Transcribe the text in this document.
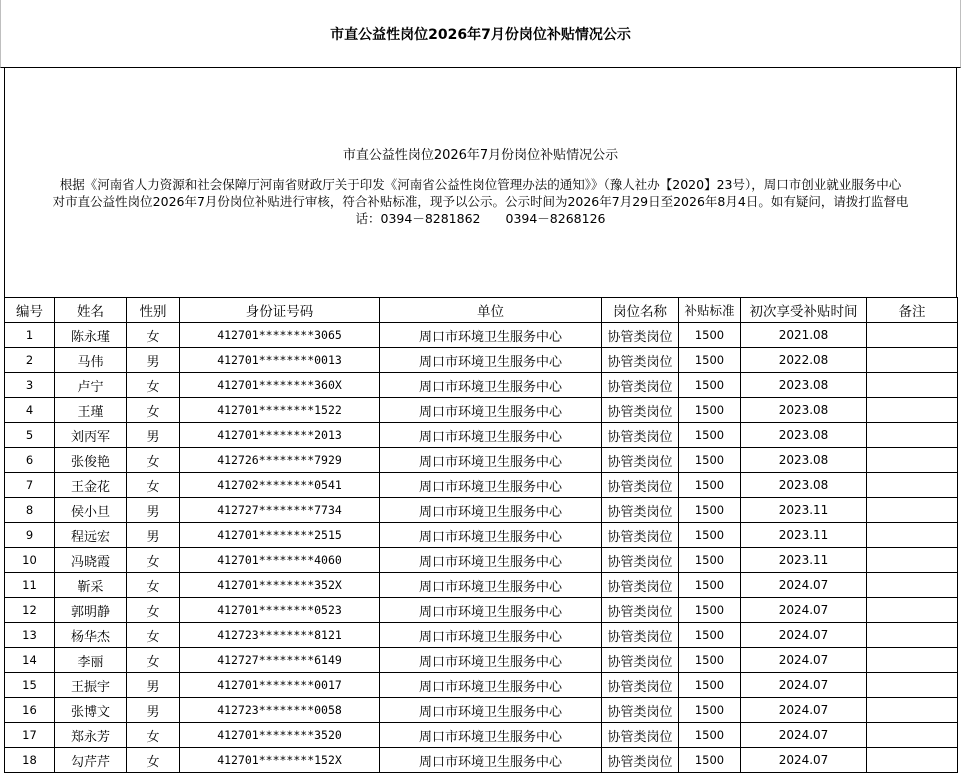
市直公益性岗位2026年7月份岗位补贴情况公示
市直公益性岗位2026年7月份岗位补贴情况公示
根据《河南省人力资源和社会保障厅河南省财政厅关于印发《河南省公益性岗位管理办法的通知》》（豫人社办【2020】23号），周口市创业就业服务中心
对市直公益性岗位2026年7月份岗位补贴进行审核，符合补贴标准，现予以公示。公示时间为2026年7月29日至2026年8月4日。如有疑问，请拨打监督电
话：0394－8281862　　0394－8268126
编号	姓名	性别	身份证号码	单位	岗位名称	补贴标准	初次享受补贴时间	备注
1	陈永瑾	女	412701********3065	周口市环境卫生服务中心	协管类岗位	1500	2021.08	
2	马伟	男	412701********0013	周口市环境卫生服务中心	协管类岗位	1500	2022.08	
3	卢宁	女	412701********360X	周口市环境卫生服务中心	协管类岗位	1500	2023.08	
4	王瑾	女	412701********1522	周口市环境卫生服务中心	协管类岗位	1500	2023.08	
5	刘丙军	男	412701********2013	周口市环境卫生服务中心	协管类岗位	1500	2023.08	
6	张俊艳	女	412726********7929	周口市环境卫生服务中心	协管类岗位	1500	2023.08	
7	王金花	女	412702********0541	周口市环境卫生服务中心	协管类岗位	1500	2023.08	
8	侯小旦	男	412727********7734	周口市环境卫生服务中心	协管类岗位	1500	2023.11	
9	程远宏	男	412701********2515	周口市环境卫生服务中心	协管类岗位	1500	2023.11	
10	冯晓霞	女	412701********4060	周口市环境卫生服务中心	协管类岗位	1500	2023.11	
11	靳采	女	412701********352X	周口市环境卫生服务中心	协管类岗位	1500	2024.07	
12	郭明静	女	412701********0523	周口市环境卫生服务中心	协管类岗位	1500	2024.07	
13	杨华杰	女	412723********8121	周口市环境卫生服务中心	协管类岗位	1500	2024.07	
14	李丽	女	412727********6149	周口市环境卫生服务中心	协管类岗位	1500	2024.07	
15	王振宇	男	412701********0017	周口市环境卫生服务中心	协管类岗位	1500	2024.07	
16	张博文	男	412723********0058	周口市环境卫生服务中心	协管类岗位	1500	2024.07	
17	郑永芳	女	412701********3520	周口市环境卫生服务中心	协管类岗位	1500	2024.07	
18	勾芹芹	女	412701********152X	周口市环境卫生服务中心	协管类岗位	1500	2024.07	
